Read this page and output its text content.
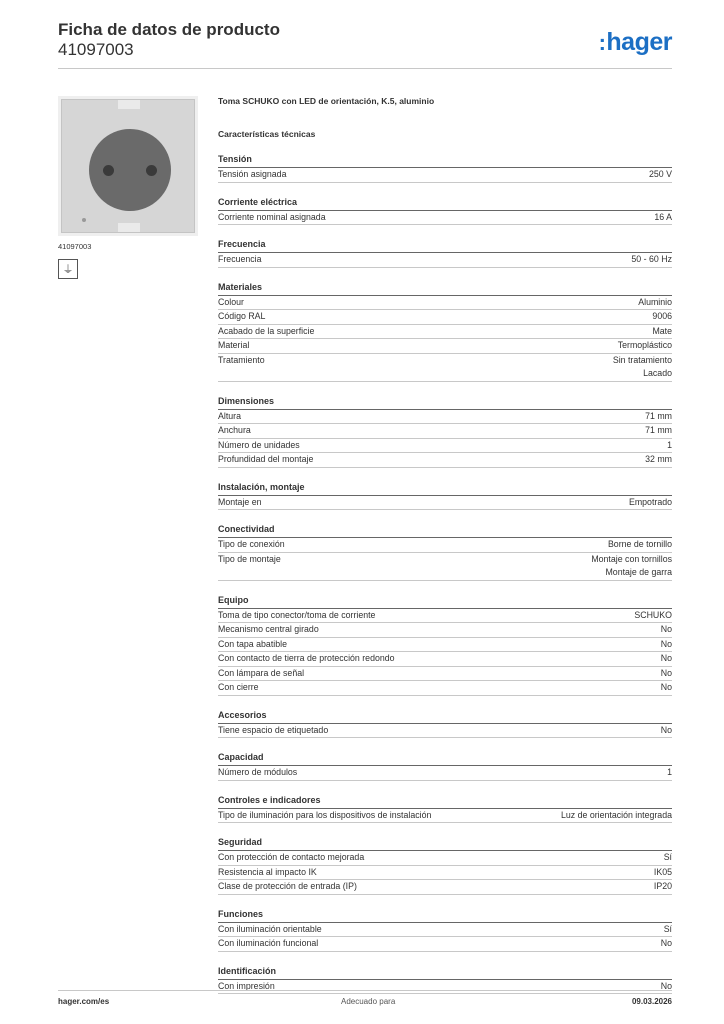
Ficha de datos de producto
41097003	:hager
41097003
⏚
Toma SCHUKO con LED de orientación, K.5, aluminio
Características técnicas
Tensión
Tensión asignada	250 V
Corriente eléctrica
Corriente nominal asignada	16 A
Frecuencia
Frecuencia	50 - 60 Hz
Materiales
Colour	Aluminio
Código RAL	9006
Acabado de la superficie	Mate
Material	Termoplástico
Tratamiento	Sin tratamiento
Lacado
Dimensiones
Altura	71 mm
Anchura	71 mm
Número de unidades	1
Profundidad del montaje	32 mm
Instalación, montaje
Montaje en	Empotrado
Conectividad
Tipo de conexión	Borne de tornillo
Tipo de montaje	Montaje con tornillos
Montaje de garra
Equipo
Toma de tipo conector/toma de corriente	SCHUKO
Mecanismo central girado	No
Con tapa abatible	No
Con contacto de tierra de protección redondo	No
Con lámpara de señal	No
Con cierre	No
Accesorios
Tiene espacio de etiquetado	No
Capacidad
Número de módulos	1
Controles e indicadores
Tipo de iluminación para los dispositivos de instalación	Luz de orientación integrada
Seguridad
Con protección de contacto mejorada	Sí
Resistencia al impacto IK	IK05
Clase de protección de entrada (IP)	IP20
Funciones
Con iluminación orientable	Sí
Con iluminación funcional	No
Identificación
Con impresión	No
hager.com/es	Adecuado para	09.03.2026
